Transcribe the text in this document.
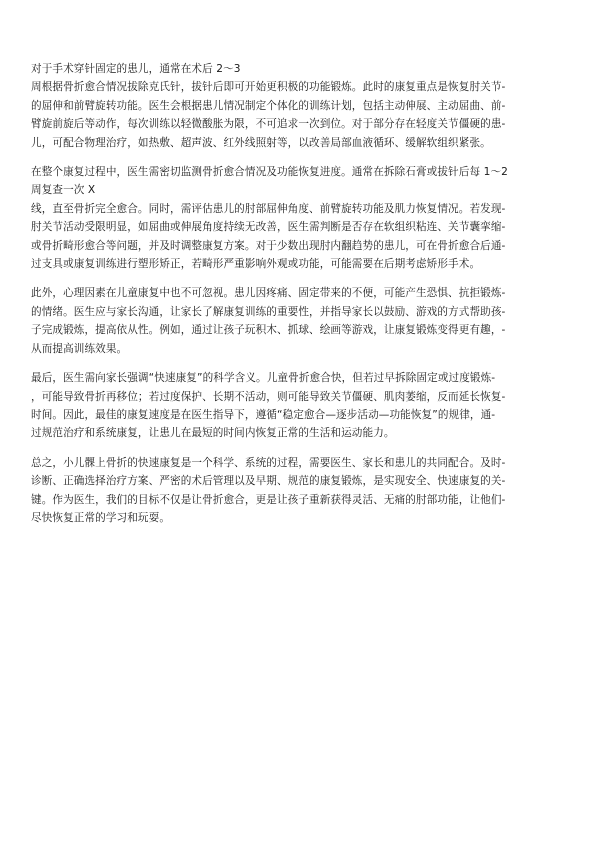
对于手术穿针固定的患儿，通常在术后 2～3
周根据骨折愈合情况拔除克氏针，拔针后即可开始更积极的功能锻炼。此时的康复重点是恢复肘关节-
的屈伸和前臂旋转功能。医生会根据患儿情况制定个体化的训练计划，包括主动伸展、主动屈曲、前-
臂旋前旋后等动作，每次训练以轻微酸胀为限，不可追求一次到位。对于部分存在轻度关节僵硬的患-
儿，可配合物理治疗，如热敷、超声波、红外线照射等，以改善局部血液循环、缓解软组织紧张。
在整个康复过程中，医生需密切监测骨折愈合情况及功能恢复进度。通常在拆除石膏或拔针后每 1～2
周复查一次 X
线，直至骨折完全愈合。同时，需评估患儿的肘部屈伸角度、前臂旋转功能及肌力恢复情况。若发现-
肘关节活动受限明显，如屈曲或伸展角度持续无改善，医生需判断是否存在软组织粘连、关节囊挛缩-
或骨折畸形愈合等问题，并及时调整康复方案。对于少数出现肘内翻趋势的患儿，可在骨折愈合后通-
过支具或康复训练进行塑形矫正，若畸形严重影响外观或功能，可能需要在后期考虑矫形手术。
此外，心理因素在儿童康复中也不可忽视。患儿因疼痛、固定带来的不便，可能产生恐惧、抗拒锻炼-
的情绪。医生应与家长沟通，让家长了解康复训练的重要性，并指导家长以鼓励、游戏的方式帮助孩-
子完成锻炼，提高依从性。例如，通过让孩子玩积木、抓球、绘画等游戏，让康复锻炼变得更有趣，-
从而提高训练效果。
最后，医生需向家长强调“快速康复”的科学含义。儿童骨折愈合快，但若过早拆除固定或过度锻炼-
，可能导致骨折再移位；若过度保护、长期不活动，则可能导致关节僵硬、肌肉萎缩，反而延长恢复-
时间。因此，最佳的康复速度是在医生指导下，遵循“稳定愈合—逐步活动—功能恢复”的规律，通-
过规范治疗和系统康复，让患儿在最短的时间内恢复正常的生活和运动能力。
总之，小儿髁上骨折的快速康复是一个科学、系统的过程，需要医生、家长和患儿的共同配合。及时-
诊断、正确选择治疗方案、严密的术后管理以及早期、规范的康复锻炼，是实现安全、快速康复的关-
键。作为医生，我们的目标不仅是让骨折愈合，更是让孩子重新获得灵活、无痛的肘部功能，让他们-
尽快恢复正常的学习和玩耍。
